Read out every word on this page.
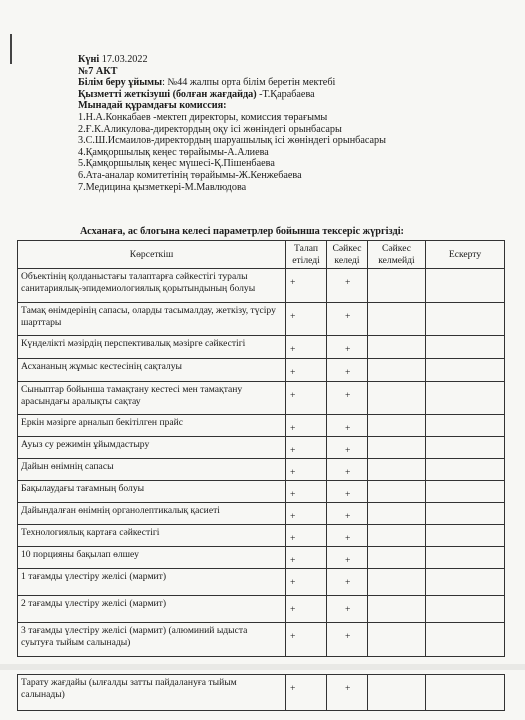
Күні 17.03.2022
№7 АКТ
Білім беру ұйымы: №44 жалпы орта білім беретін мектебі
Қызметті жеткізуші (болған жағдайда) -Т.Қарабаева
Мынадай құрамдағы комиссия:
1.Н.А.Конкабаев -мектеп директоры, комиссия төрағымы
2.Ғ.К.Аликулова-директордың оқу ісі жөніндегі орынбасары
3.С.Ш.Исмаилов-директордың шаруашылық ісі жөніндегі орынбасары
4.Қамқоршылық кеңес төрайымы-А.Алиева
5.Қамқоршылық кеңес мүшесі-Қ.Пішенбаева
6.Ата-аналар комитетінің төрайымы-Ж.Кенжебаева
7.Медицина қызметкері-М.Мавлюдова
Асханаға, ас блогына келесі параметрлер бойынша тексеріс жүргізді:
Көрсеткіш	Талап етіледі	Сәйкес келеді	Сәйкес келмейді	Ескерту
Объектінің қолданыстағы талаптарға сәйкестігі туралы санитариялық-эпидемиологиялық қорытындының болуы	+	+		
Тамақ өнімдерінің сапасы, оларды тасымалдау, жеткізу, түсіру шарттары	+	+		
Күнделікті мәзірдің перспективалық мәзірге сәйкестігі	+	+		
Асхананың жұмыс кестесінің сақталуы	+	+		
Сыныптар бойынша тамақтану кестесі мен тамақтану арасындағы аралықты сақтау	+	+		
Еркін мәзірге арналып бекітілген прайс	+	+		
Ауыз су режимін ұйымдастыру	+	+		
Дайын өнімнің сапасы	+	+		
Бақылаудағы тағамның болуы	+	+		
Дайындалған өнімнің органолептикалық қасиеті	+	+		
Технологиялық картаға сәйкестігі	+	+		
10 порцияны бақылап өлшеу	+	+		
1 тағамды үлестіру желісі (мармит)	+	+		
2 тағамды үлестіру желісі (мармит)	+	+		
3 тағамды үлестіру желісі (мармит) (алюминий ыдыста суытуға тыйым салынады)	+	+		
Тарату жағдайы (ылғалды затты пайдалануға тыйым салынады)	+	+		
